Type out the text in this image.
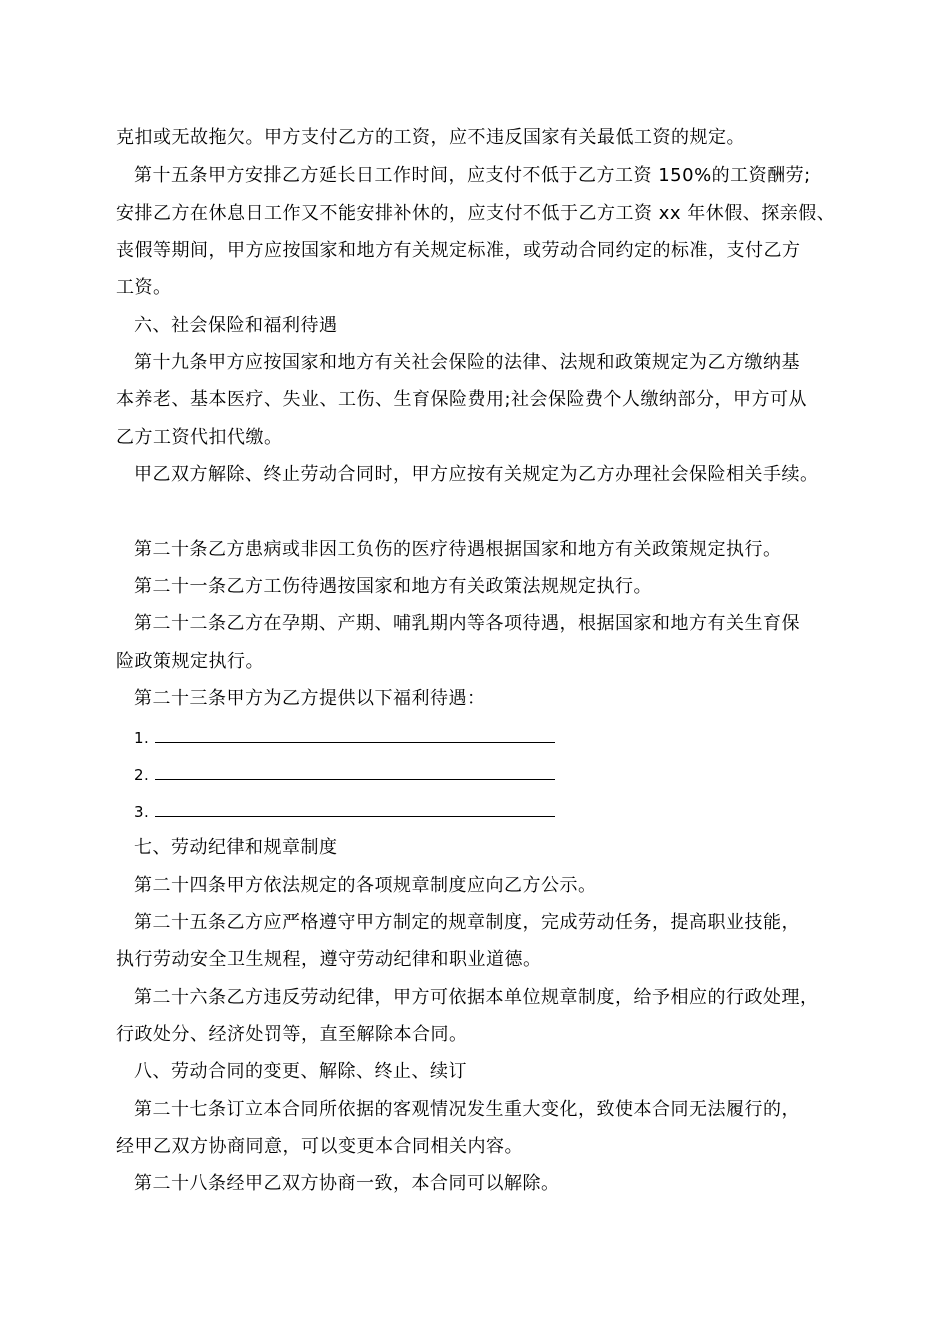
克扣或无故拖欠。甲方支付乙方的工资，应不违反国家有关最低工资的规定。
第十五条甲方安排乙方延长日工作时间，应支付不低于乙方工资 150%的工资酬劳;
安排乙方在休息日工作又不能安排补休的，应支付不低于乙方工资 xx 年休假、探亲假、
丧假等期间，甲方应按国家和地方有关规定标准，或劳动合同约定的标准，支付乙方
工资。
六、社会保险和福利待遇
第十九条甲方应按国家和地方有关社会保险的法律、法规和政策规定为乙方缴纳基
本养老、基本医疗、失业、工伤、生育保险费用;社会保险费个人缴纳部分，甲方可从
乙方工资代扣代缴。
甲乙双方解除、终止劳动合同时，甲方应按有关规定为乙方办理社会保险相关手续。
第二十条乙方患病或非因工负伤的医疗待遇根据国家和地方有关政策规定执行。
第二十一条乙方工伤待遇按国家和地方有关政策法规规定执行。
第二十二条乙方在孕期、产期、哺乳期内等各项待遇，根据国家和地方有关生育保
险政策规定执行。
第二十三条甲方为乙方提供以下福利待遇：
1.
2.
3.
七、劳动纪律和规章制度
第二十四条甲方依法规定的各项规章制度应向乙方公示。
第二十五条乙方应严格遵守甲方制定的规章制度，完成劳动任务，提高职业技能，
执行劳动安全卫生规程，遵守劳动纪律和职业道德。
第二十六条乙方违反劳动纪律，甲方可依据本单位规章制度，给予相应的行政处理，
行政处分、经济处罚等，直至解除本合同。
八、劳动合同的变更、解除、终止、续订
第二十七条订立本合同所依据的客观情况发生重大变化，致使本合同无法履行的，
经甲乙双方协商同意，可以变更本合同相关内容。
第二十八条经甲乙双方协商一致，本合同可以解除。
